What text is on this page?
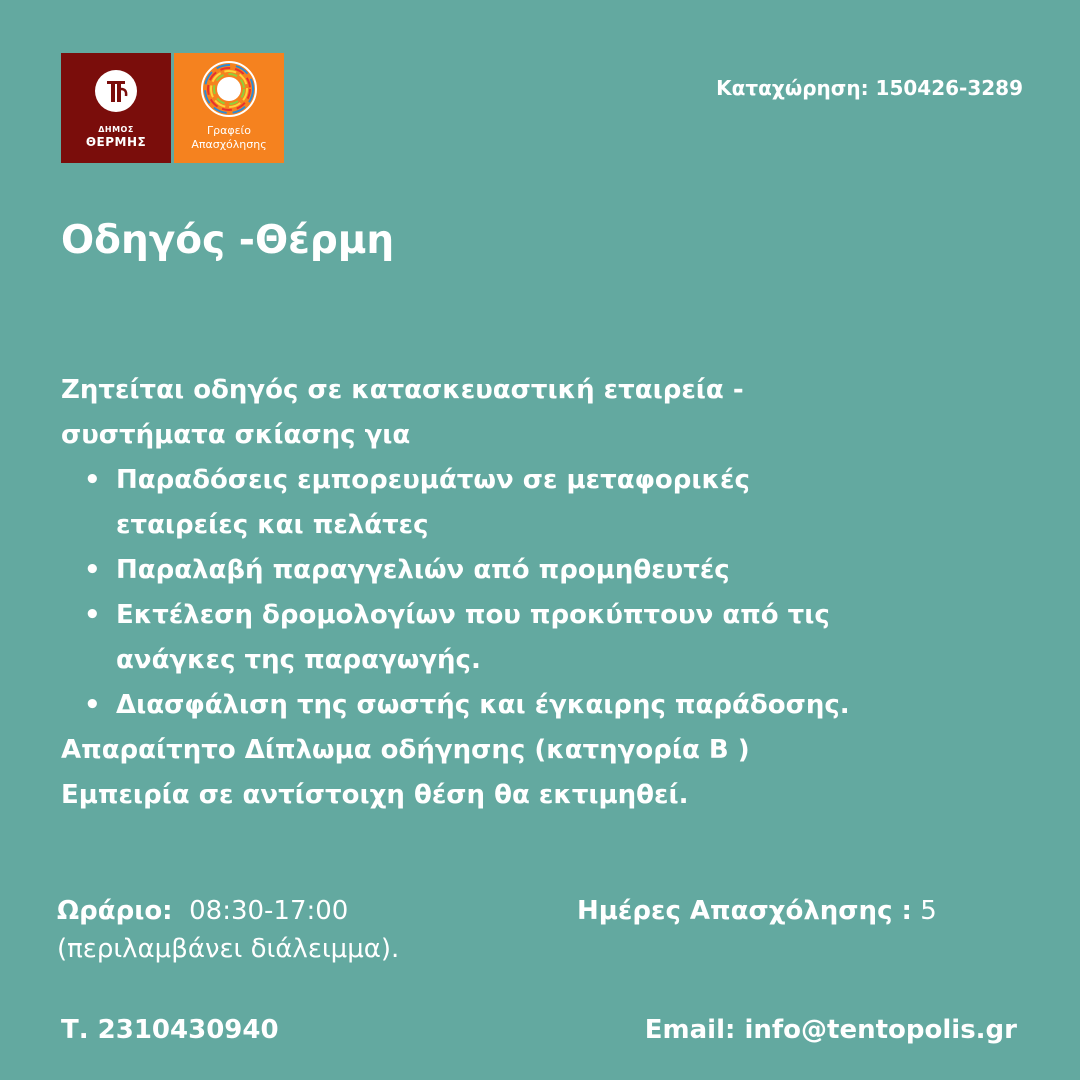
ΔΗΜΟΣ
ΘΕΡΜΗΣ
Γραφείο
Απασχόλησης
Καταχώρηση: 150426-3289
Οδηγός -Θέρμη

Ζητείται οδηγός σε κατασκευαστική εταιρεία -

συστήματα σκίασης για

• Παραδόσεις εμπορευμάτων σε μεταφορικές
εταιρείες και πελάτες
• Παραλαβή παραγγελιών από προμηθευτές
• Εκτέλεση δρομολογίων που προκύπτουν από τις
ανάγκες της παραγωγής.
• Διασφάλιση της σωστής και έγκαιρης παράδοσης.

Απαραίτητο Δίπλωμα οδήγησης (κατηγορία Β )

Εμπειρία σε αντίστοιχη θέση θα εκτιμηθεί.

Ωράριο: 08:30-17:00
(περιλαμβάνει διάλειμμα).
Ημέρες Απασχόλησης : 5
Τ. 2310430940	Email: info@tentopolis.gr
